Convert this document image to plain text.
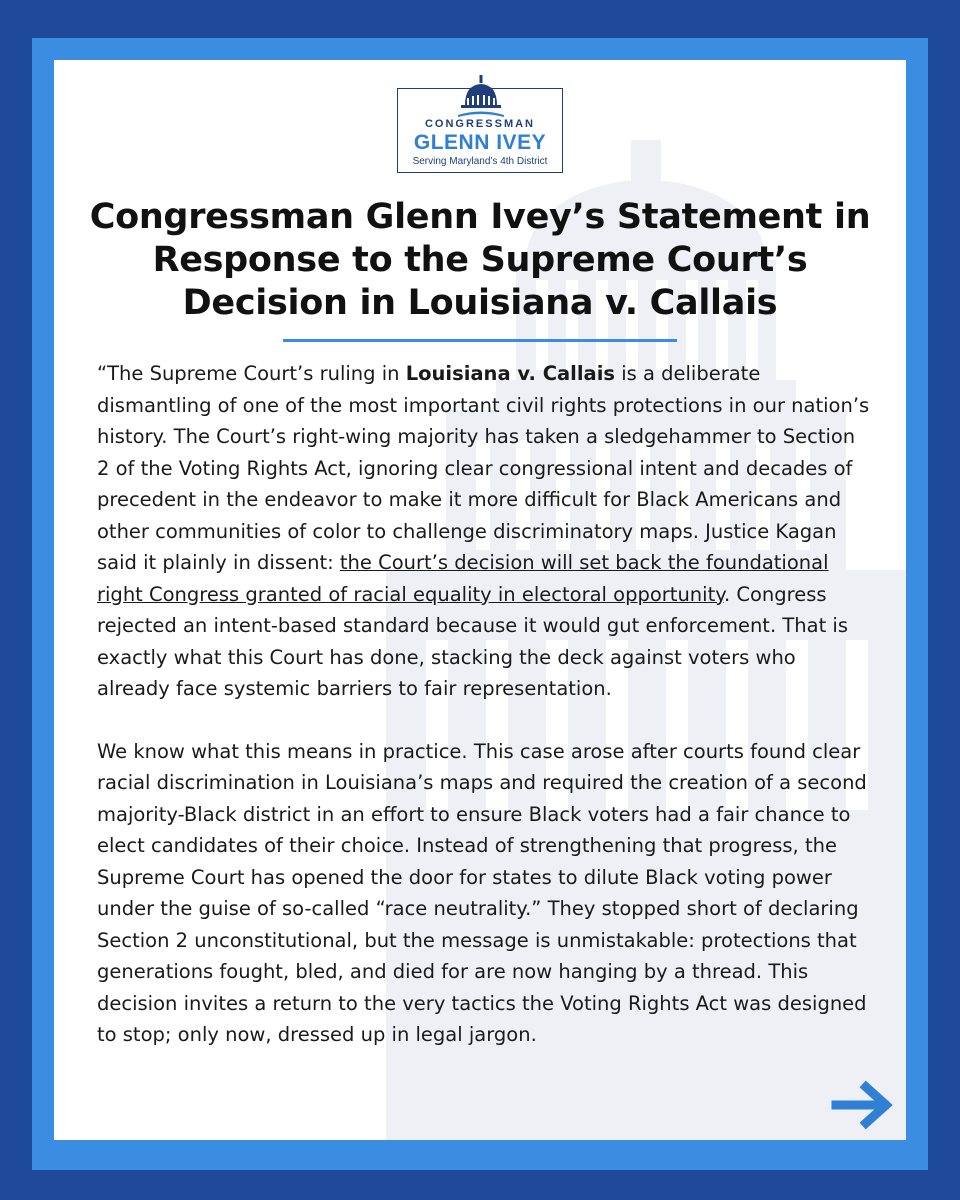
CONGRESSMAN
GLENN IVEY
Serving Maryland’s 4th District
Congressman Glenn Ivey’s Statement in Response to the Supreme Court’s Decision in Louisiana v. Callais

“The Supreme Court’s ruling in Louisiana v. Callais is a deliberate dismantling of one of the most important civil rights protections in our nation’s history. The Court’s right-wing majority has taken a sledgehammer to Section 2 of the Voting Rights Act, ignoring clear congressional intent and decades of precedent in the endeavor to make it more difficult for Black Americans and other communities of color to challenge discriminatory maps. Justice Kagan said it plainly in dissent: the Court’s decision will set back the foundational right Congress granted of racial equality in electoral opportunity. Congress rejected an intent-based standard because it would gut enforcement. That is exactly what this Court has done, stacking the deck against voters who already face systemic barriers to fair representation.

We know what this means in practice. This case arose after courts found clear racial discrimination in Louisiana’s maps and required the creation of a second majority-Black district in an effort to ensure Black voters had a fair chance to elect candidates of their choice. Instead of strengthening that progress, the Supreme Court has opened the door for states to dilute Black voting power under the guise of so-called “race neutrality.” They stopped short of declaring Section 2 unconstitutional, but the message is unmistakable: protections that generations fought, bled, and died for are now hanging by a thread. This decision invites a return to the very tactics the Voting Rights Act was designed to stop; only now, dressed up in legal jargon.
